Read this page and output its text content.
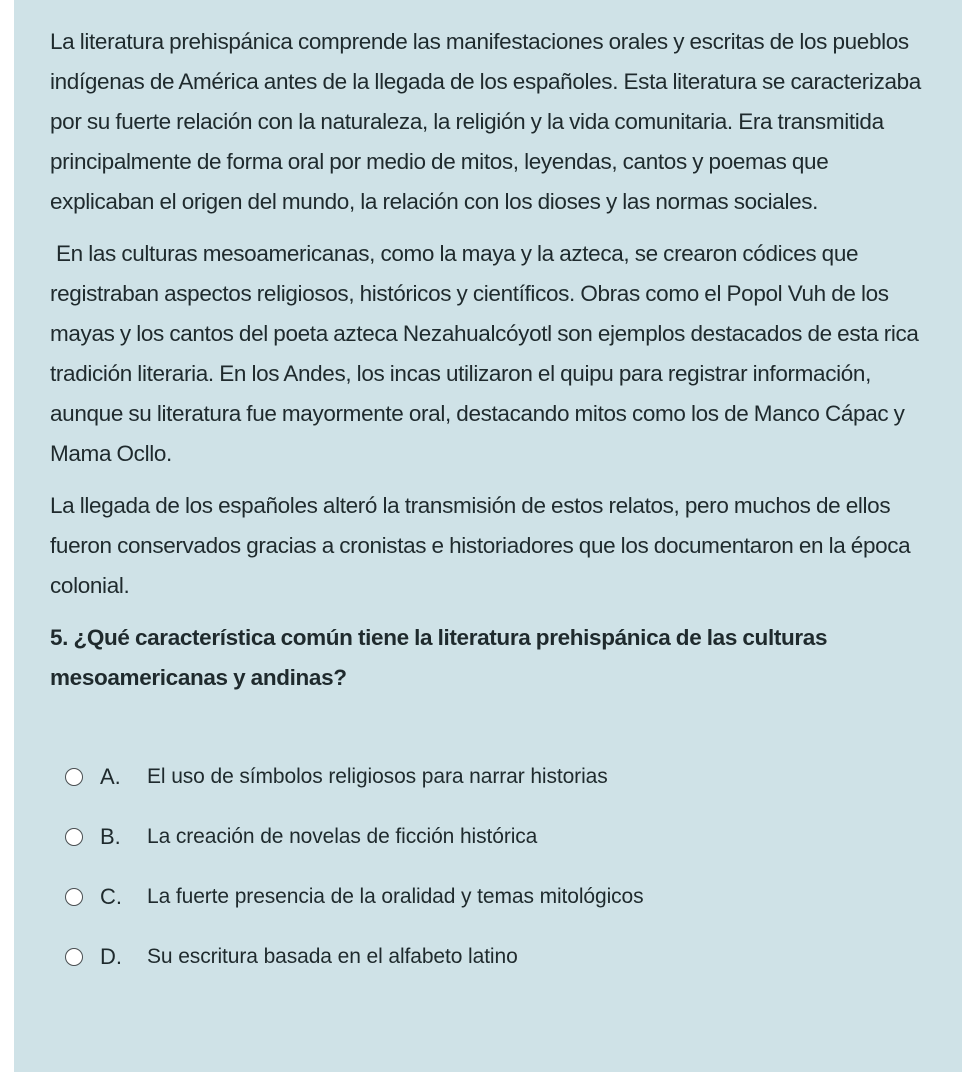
La literatura prehispánica comprende las manifestaciones orales y escritas de los pueblos indígenas de América antes de la llegada de los españoles. Esta literatura se caracterizaba por su fuerte relación con la naturaleza, la religión y la vida comunitaria. Era transmitida principalmente de forma oral por medio de mitos, leyendas, cantos y poemas que explicaban el origen del mundo, la relación con los dioses y las normas sociales.

En las culturas mesoamericanas, como la maya y la azteca, se crearon códices que registraban aspectos religiosos, históricos y científicos. Obras como el Popol Vuh de los mayas y los cantos del poeta azteca Nezahualcóyotl son ejemplos destacados de esta rica tradición literaria. En los Andes, los incas utilizaron el quipu para registrar información, aunque su literatura fue mayormente oral, destacando mitos como los de Manco Cápac y Mama Ocllo.

La llegada de los españoles alteró la transmisión de estos relatos, pero muchos de ellos fueron conservados gracias a cronistas e historiadores que los documentaron en la época colonial.

5. ¿Qué característica común tiene la literatura prehispánica de las culturas mesoamericanas y andinas?

A.	El uso de símbolos religiosos para narrar historias
B.	La creación de novelas de ficción histórica
C.	La fuerte presencia de la oralidad y temas mitológicos
D.	Su escritura basada en el alfabeto latino
